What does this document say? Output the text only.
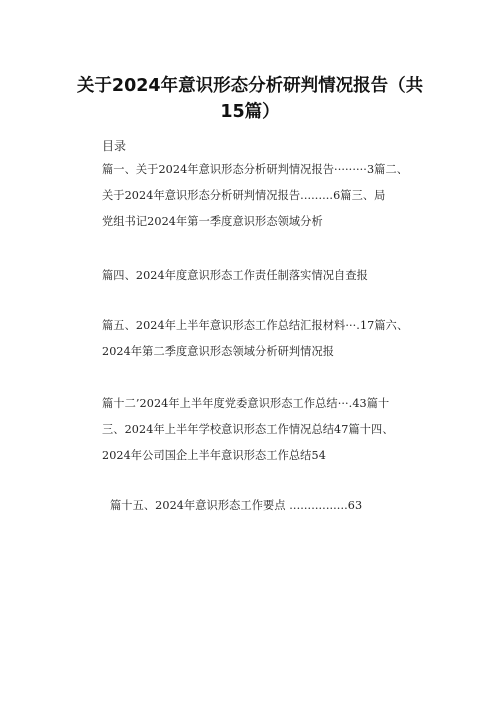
关于2024年意识形态分析研判情况报告（共
15篇）
目录
篇一、关于2024年意识形态分析研判情况报告·········3篇二、
关于2024年意识形态分析研判情况报告.........6篇三、局
党组书记2024年第一季度意识形态领域分析
篇四、2024年度意识形态工作责任制落实情况自查报
篇五、2024年上半年意识形态工作总结汇报材料···.17篇六、
2024年第二季度意识形态领域分析研判情况报
篇十二’2024年上半年度党委意识形态工作总结···.43篇十
三、2024年上半年学校意识形态工作情况总结47篇十四、
2024年公司国企上半年意识形态工作总结54
篇十五、2024年意识形态工作要点 ................63
